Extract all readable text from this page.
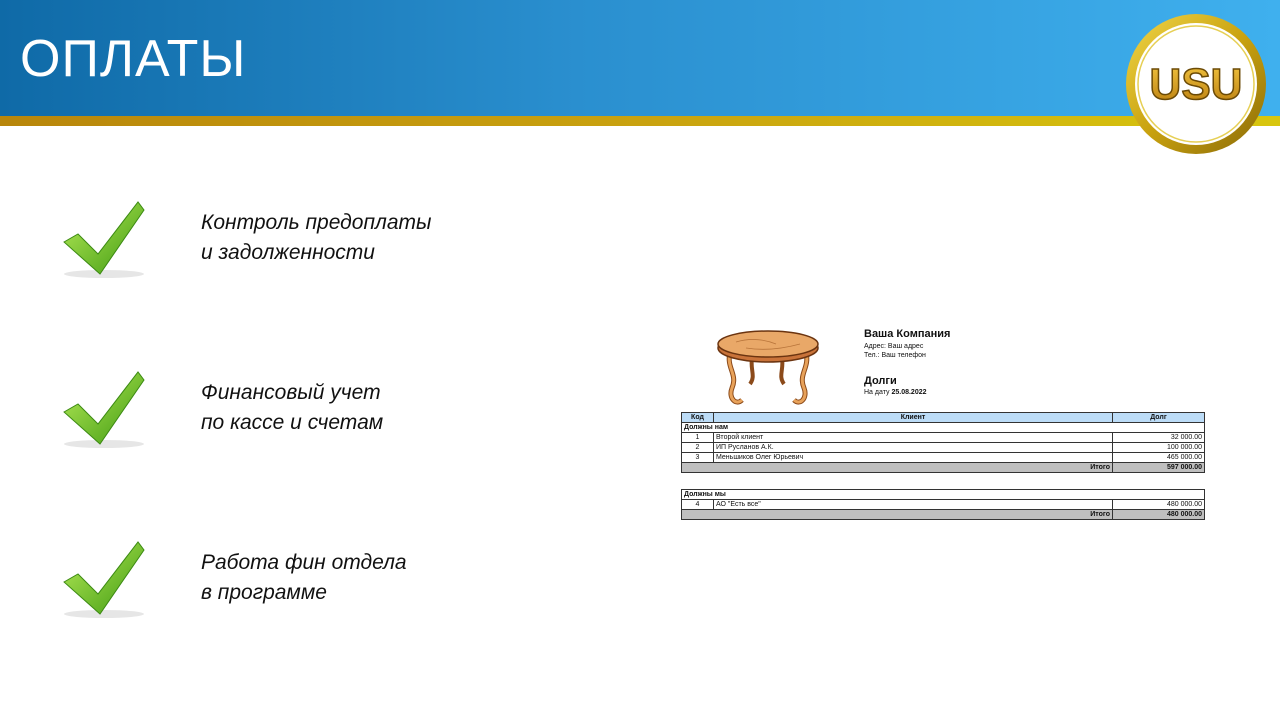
ОПЛАТЫ	USU
Контроль предоплаты
и задолженности
Финансовый учет
по кассе и счетам
Работа фин отдела
в программе
Ваша Компания
Адрес: Ваш адрес
Тел.: Ваш телефон
Долги
На дату 25.08.2022
Код	Клиент	Долг
Должны нам		
1	Второй клиент	32 000.00
2	ИП Русланов А.К.	100 000.00
3	Меньшиков Олег Юрьевич	465 000.00
Итого		597 000.00
Должны мы		
4	АО "Есть все"	480 000.00
Итого		480 000.00
